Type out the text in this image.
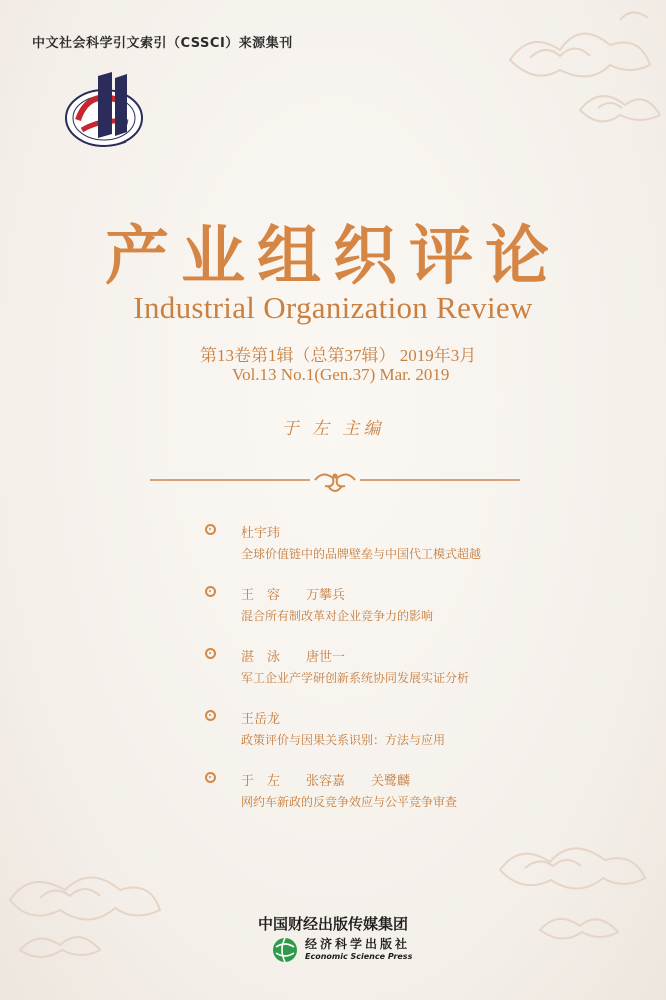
中文社会科学引文索引（CSSCI）来源集刊
产业组织评论
Industrial Organization Review
第13卷第1辑（总第37辑） 2019年3月
Vol.13 No.1(Gen.37) Mar. 2019
于 左 主编
杜宇玮
全球价值链中的品牌壁垒与中国代工模式超越
王　容　　万攀兵
混合所有制改革对企业竞争力的影响
湛　泳　　唐世一
军工企业产学研创新系统协同发展实证分析
王岳龙
政策评价与因果关系识别：方法与应用
于　左　　张容嘉　　关鹭麟
网约车新政的反竞争效应与公平竞争审查
中国财经出版传媒集团
经济科学出版社
Economic Science Press
